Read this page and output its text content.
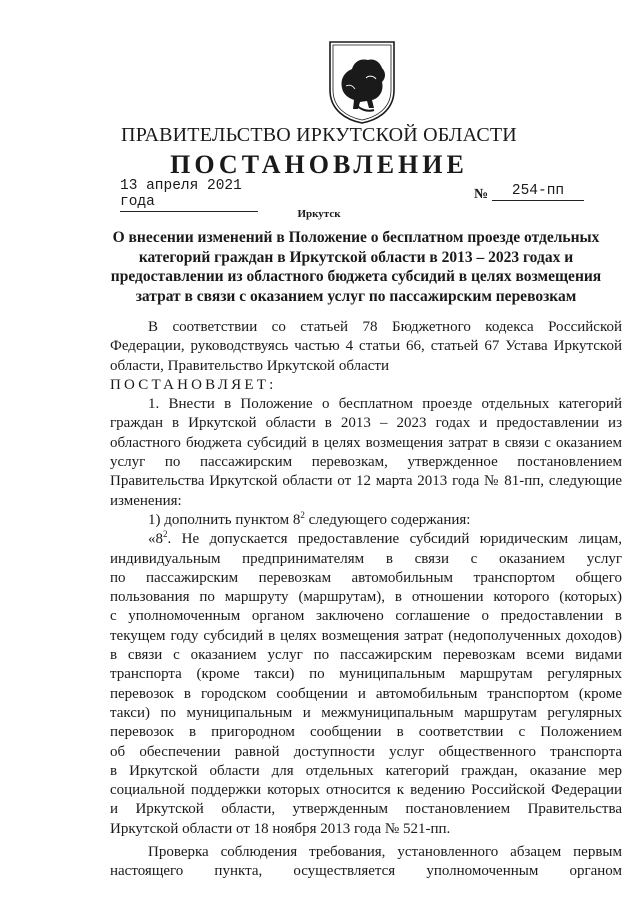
ПРАВИТЕЛЬСТВО ИРКУТСКОЙ ОБЛАСТИ
ПОСТАНОВЛЕНИЕ
13 апреля 2021 года	№	254-пп
Иркутск
О внесении изменений в Положение о бесплатном проезде отдельных категорий граждан в Иркутской области в 2013 – 2023 годах и предоставлении из областного бюджета субсидий в целях возмещения затрат в связи с оказанием услуг по пассажирским перевозкам

В соответствии со статьей 78 Бюджетного кодекса Российской Федерации, руководствуясь частью 4 статьи 66, статьей 67 Устава Иркутской области, Правительство Иркутской области

ПОСТАНОВЛЯЕТ:

1. Внести в Положение о бесплатном проезде отдельных категорий граждан в Иркутской области в 2013 – 2023 годах и предоставлении из областного бюджета субсидий в целях возмещения затрат в связи с оказанием услуг по пассажирским перевозкам, утвержденное постановлением Правительства Иркутской области от 12 марта 2013 года № 81-пп, следующие изменения:

1) дополнить пунктом $8^2$ следующего содержания:

«$8^2$. Не допускается предоставление субсидий юридическим лицам,
индивидуальным предпринимателям в связи с оказанием услуг
по пассажирским перевозкам автомобильным транспортом общего
пользования по маршруту (маршрутам), в отношении которого (которых)
с уполномоченным органом заключено соглашение о предоставлении в
текущем году субсидий в целях возмещения затрат (недополученных доходов)
в связи с оказанием услуг по пассажирским перевозкам всеми видами
транспорта (кроме такси) по муниципальным маршрутам регулярных
перевозок в городском сообщении и автомобильным транспортом (кроме
такси) по муниципальным и межмуниципальным маршрутам регулярных
перевозок в пригородном сообщении в соответствии с Положением
об обеспечении равной доступности услуг общественного транспорта
в Иркутской области для отдельных категорий граждан, оказание мер
социальной поддержки которых относится к ведению Российской Федерации
и Иркутской области, утвержденным постановлением Правительства
Иркутской области от 18 ноября 2013 года № 521-пп.
Проверка соблюдения требования, установленного абзацем первым
настоящего пункта, осуществляется уполномоченным органом
